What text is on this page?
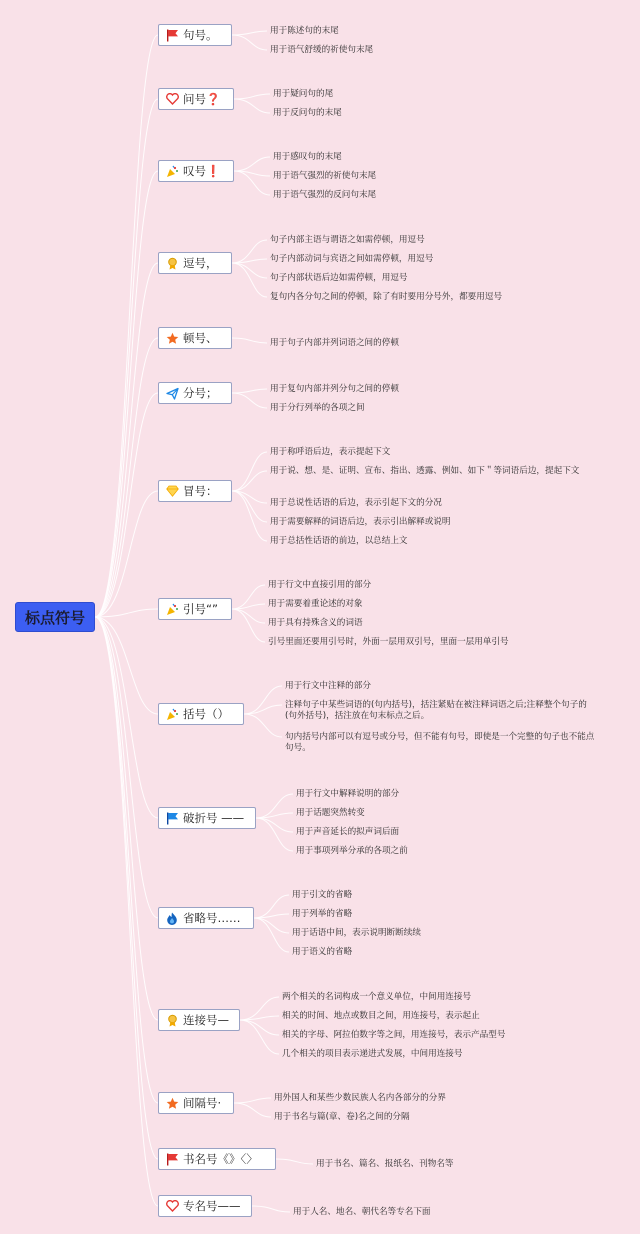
标点符号
句号。	用于陈述句的末尾
用于语气舒缓的祈使句末尾
问号❓	用于疑问句的尾
用于反问句的末尾
叹号❗
用于感叹句的末尾
用于语气强烈的祈使句末尾
用于语气强烈的反问句末尾
逗号，
句子内部主语与谓语之如需停顿，用逗号
句子内部动词与宾语之间如需停顿，用逗号
句子内部状语后边如需停顿，用逗号
复句内各分句之间的停顿，除了有时要用分号外，都要用逗号
顿号、	用于句子内部并列词语之间的停顿
分号；	用于复句内部并列分句之间的停顿
用于分行列举的各项之间
冒号：
用于称呼语后边，表示提起下文
用于说、想、是、证明、宣布、指出、透露、例如、如下＂等词语后边，提起下文
用于总说性话语的后边，表示引起下文的分况
用于需要解释的词语后边，表示引出解释或说明
用于总括性话语的前边，以总结上文
引号“”
用于行文中直接引用的部分
用于需要着重论述的对象
用于具有持殊含义的词语
引号里面还要用引号时，外面一层用双引号，里面一层用单引号
括号（）
用于行文中注释的部分
注释句子中某些词语的(句内括号)，括注紧贴在被注释词语之后;注释整个句子的(句外括号)，括注放在句末标点之后。
句内括号内部可以有逗号或分号，但不能有句号，即使是一个完整的句子也不能点句号。
破折号 ——
用于行文中解释说明的部分
用于话题突然转变
用于声音延长的拟声词后面
用于事项列举分承的各项之前
省略号……
用于引文的省略
用于列举的省略
用于话语中间，表示说明断断续续
用于语义的省略
连接号—
两个相关的名词构成一个意义单位，中间用连接号
相关的时间、地点或数目之间，用连接号，表示起止
相关的字母、阿拉伯数字等之间，用连接号，表示产品型号
几个相关的项目表示递进式发展，中间用连接号
间隔号·	用外国人和某些少数民族人名内各部分的分界
用于书名与篇(章、卷)名之间的分隔
书名号《》〈〉	用于书名、篇名、报纸名、刊物名等
专名号——	用于人名、地名、朝代名等专名下面
